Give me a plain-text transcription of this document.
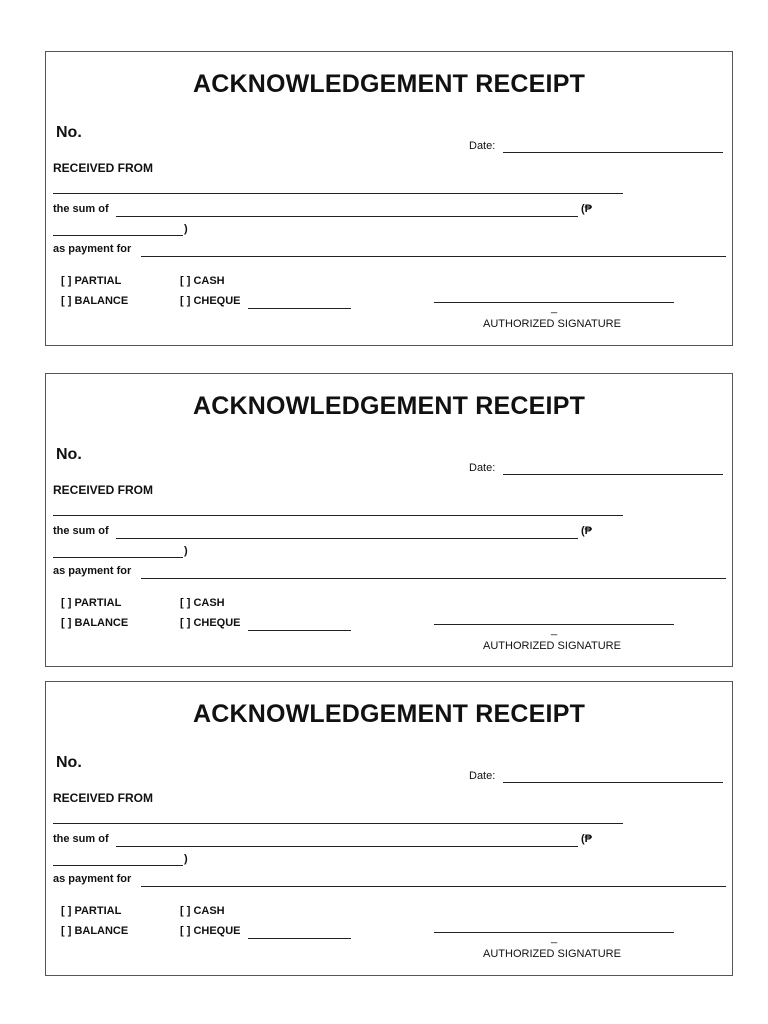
ACKNOWLEDGEMENT RECEIPT
No.
Date:
RECEIVED FROM
the sum of	(₱
)
as payment for
[ ] PARTIAL	[ ] CASH
[ ] BALANCE	[ ] CHEQUE
_
AUTHORIZED SIGNATURE
ACKNOWLEDGEMENT RECEIPT
No.
Date:
RECEIVED FROM
the sum of	(₱
)
as payment for
[ ] PARTIAL	[ ] CASH
[ ] BALANCE	[ ] CHEQUE
_
AUTHORIZED SIGNATURE
ACKNOWLEDGEMENT RECEIPT
No.
Date:
RECEIVED FROM
the sum of	(₱
)
as payment for
[ ] PARTIAL	[ ] CASH
[ ] BALANCE	[ ] CHEQUE
_
AUTHORIZED SIGNATURE
